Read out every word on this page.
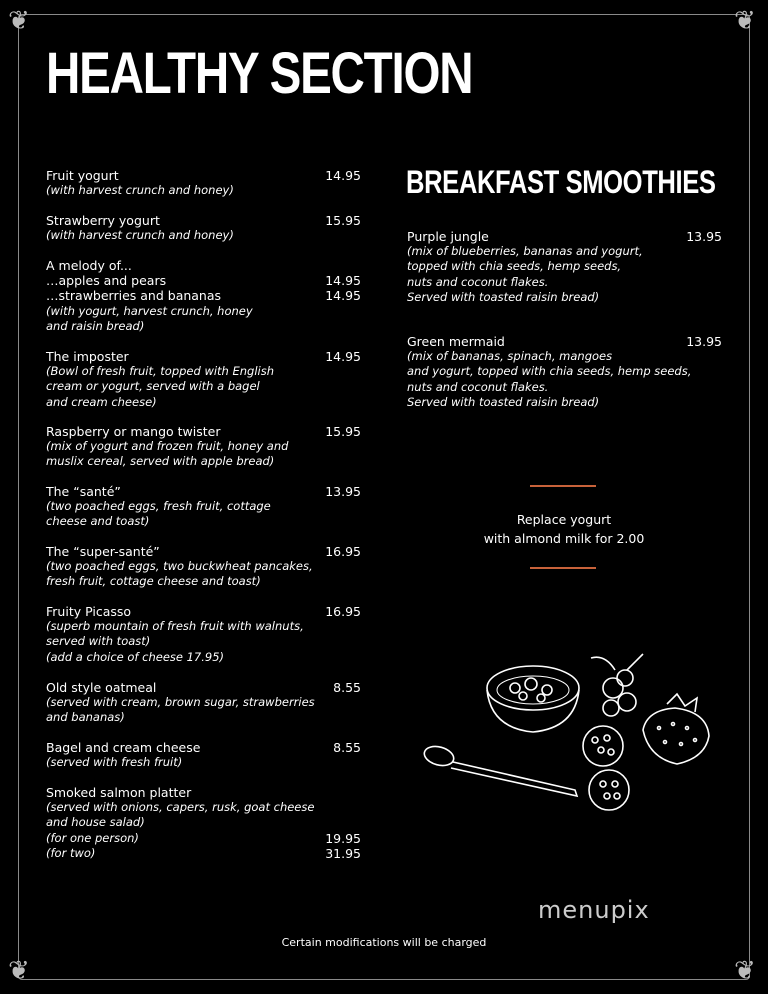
❦	❦
❦	❦
HEALTHY SECTION
BREAKFAST SMOOTHIES
Fruit yogurt	14.95
(with harvest crunch and honey)
Strawberry yogurt	15.95
(with harvest crunch and honey)
A melody of...
…apples and pears	14.95
…strawberries and bananas	14.95
(with yogurt, harvest crunch, honey
and raisin bread)
The imposter	14.95
(Bowl of fresh fruit, topped with English
cream or yogurt, served with a bagel
and cream cheese)
Raspberry or mango twister	15.95
(mix of yogurt and frozen fruit, honey and
muslix cereal, served with apple bread)
The “santé”	13.95
(two poached eggs, fresh fruit, cottage
cheese and toast)
The “super-santé”	16.95
(two poached eggs, two buckwheat pancakes,
fresh fruit, cottage cheese and toast)
Fruity Picasso	16.95
(superb mountain of fresh fruit with walnuts,
served with toast)
(add a choice of cheese 17.95)
Old style oatmeal	8.55
(served with cream, brown sugar, strawberries
and bananas)
Bagel and cream cheese	8.55
(served with fresh fruit)
Smoked salmon platter
(served with onions, capers, rusk, goat cheese
and house salad)
(for one person)	19.95
(for two)	31.95
Purple jungle	13.95
(mix of blueberries, bananas and yogurt,
topped with chia seeds, hemp seeds,
nuts and coconut flakes.
Served with toasted raisin bread)
Green mermaid	13.95
(mix of bananas, spinach, mangoes
and yogurt, topped with chia seeds, hemp seeds,
nuts and coconut flakes.
Served with toasted raisin bread)
Replace yogurt
with almond milk for 2.00
menupix
Certain modifications will be charged
